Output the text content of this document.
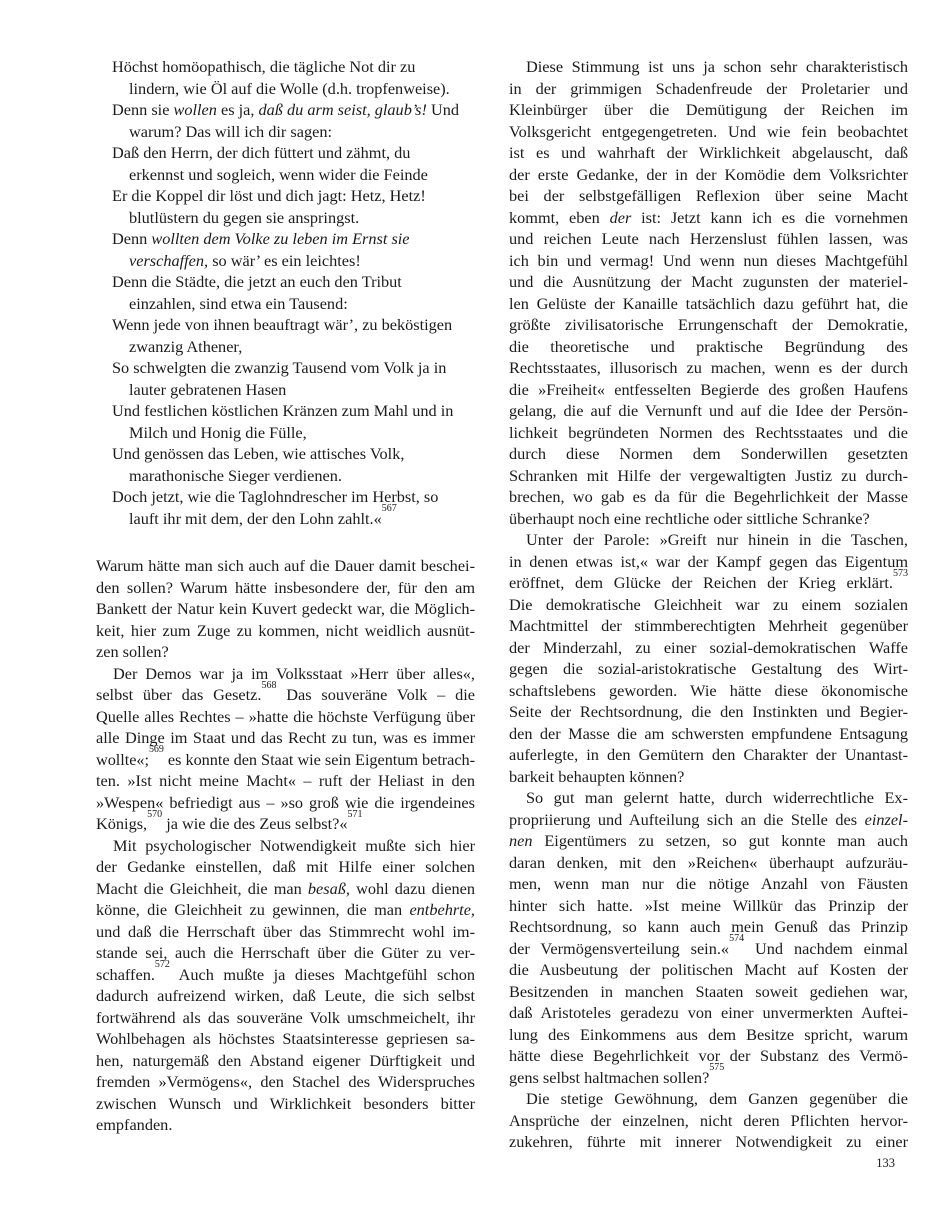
Höchst homöopathisch, die tägliche Not dir zu
lindern, wie Öl auf die Wolle (d.h. tropfenweise).
Denn sie wollen es ja, daß du arm seist, glaub’s! Und
warum? Das will ich dir sagen:
Daß den Herrn, der dich füttert und zähmt, du
erkennst und sogleich, wenn wider die Feinde
Er die Koppel dir löst und dich jagt: Hetz, Hetz!
blutlüstern du gegen sie anspringst.
Denn wollten dem Volke zu leben im Ernst sie
verschaffen, so wär’ es ein leichtes!
Denn die Städte, die jetzt an euch den Tribut
einzahlen, sind etwa ein Tausend:
Wenn jede von ihnen beauftragt wär’, zu beköstigen
zwanzig Athener,
So schwelgten die zwanzig Tausend vom Volk ja in
lauter gebratenen Hasen
Und festlichen köstlichen Kränzen zum Mahl und in
Milch und Honig die Fülle,
Und genössen das Leben, wie attisches Volk,
marathonische Sieger verdienen.
Doch jetzt, wie die Taglohndrescher im Herbst, so
lauft ihr mit dem, der den Lohn zahlt.«$^{567}$
Warum hätte man sich auch auf die Dauer damit beschei-
den sollen? Warum hätte insbesondere der, für den am
Bankett der Natur kein Kuvert gedeckt war, die Möglich-
keit, hier zum Zuge zu kommen, nicht weidlich ausnüt-
zen sollen?
Der Demos war ja im Volksstaat »Herr über alles«,
selbst über das Gesetz.$^{568}$ Das souveräne Volk – die
Quelle alles Rechtes – »hatte die höchste Verfügung über
alle Dinge im Staat und das Recht zu tun, was es immer
wollte«;$^{569}$ es konnte den Staat wie sein Eigentum betrach-
ten. »Ist nicht meine Macht« – ruft der Heliast in den
»Wespen« befriedigt aus – »so groß wie die irgendeines
Königs,$^{570}$ ja wie die des Zeus selbst?«$^{571}$
Mit psychologischer Notwendigkeit mußte sich hier
der Gedanke einstellen, daß mit Hilfe einer solchen
Macht die Gleichheit, die man besaß, wohl dazu dienen
könne, die Gleichheit zu gewinnen, die man entbehrte,
und daß die Herrschaft über das Stimmrecht wohl im-
stande sei, auch die Herrschaft über die Güter zu ver-
schaffen.$^{572}$ Auch mußte ja dieses Machtgefühl schon
dadurch aufreizend wirken, daß Leute, die sich selbst
fortwährend als das souveräne Volk umschmeichelt, ihr
Wohlbehagen als höchstes Staatsinteresse gepriesen sa-
hen, naturgemäß den Abstand eigener Dürftigkeit und
fremden »Vermögens«, den Stachel des Widerspruches
zwischen Wunsch und Wirklichkeit besonders bitter
empfanden.
Diese Stimmung ist uns ja schon sehr charakteristisch
in der grimmigen Schadenfreude der Proletarier und
Kleinbürger über die Demütigung der Reichen im
Volksgericht entgegengetreten. Und wie fein beobachtet
ist es und wahrhaft der Wirklichkeit abgelauscht, daß
der erste Gedanke, der in der Komödie dem Volksrichter
bei der selbstgefälligen Reflexion über seine Macht
kommt, eben der ist: Jetzt kann ich es die vornehmen
und reichen Leute nach Herzenslust fühlen lassen, was
ich bin und vermag! Und wenn nun dieses Machtgefühl
und die Ausnützung der Macht zugunsten der materiel-
len Gelüste der Kanaille tatsächlich dazu geführt hat, die
größte zivilisatorische Errungenschaft der Demokratie,
die theoretische und praktische Begründung des
Rechtsstaates, illusorisch zu machen, wenn es der durch
die »Freiheit« entfesselten Begierde des großen Haufens
gelang, die auf die Vernunft und auf die Idee der Persön-
lichkeit begründeten Normen des Rechtsstaates und die
durch diese Normen dem Sonderwillen gesetzten
Schranken mit Hilfe der vergewaltigten Justiz zu durch-
brechen, wo gab es da für die Begehrlichkeit der Masse
überhaupt noch eine rechtliche oder sittliche Schranke?
Unter der Parole: »Greift nur hinein in die Taschen,
in denen etwas ist,« war der Kampf gegen das Eigentum
eröffnet, dem Glücke der Reichen der Krieg erklärt.$^{573}$
Die demokratische Gleichheit war zu einem sozialen
Machtmittel der stimmberechtigten Mehrheit gegenüber
der Minderzahl, zu einer sozial-demokratischen Waffe
gegen die sozial-aristokratische Gestaltung des Wirt-
schaftslebens geworden. Wie hätte diese ökonomische
Seite der Rechtsordnung, die den Instinkten und Begier-
den der Masse die am schwersten empfundene Entsagung
auferlegte, in den Gemütern den Charakter der Unantast-
barkeit behaupten können?
So gut man gelernt hatte, durch widerrechtliche Ex-
propriierung und Aufteilung sich an die Stelle des einzel-
nen Eigentümers zu setzen, so gut konnte man auch
daran denken, mit den »Reichen« überhaupt aufzuräu-
men, wenn man nur die nötige Anzahl von Fäusten
hinter sich hatte. »Ist meine Willkür das Prinzip der
Rechtsordnung, so kann auch mein Genuß das Prinzip
der Vermögensverteilung sein.«$^{574}$ Und nachdem einmal
die Ausbeutung der politischen Macht auf Kosten der
Besitzenden in manchen Staaten soweit gediehen war,
daß Aristoteles geradezu von einer unvermerkten Auftei-
lung des Einkommens aus dem Besitze spricht, warum
hätte diese Begehrlichkeit vor der Substanz des Vermö-
gens selbst haltmachen sollen?$^{575}$
Die stetige Gewöhnung, dem Ganzen gegenüber die
Ansprüche der einzelnen, nicht deren Pflichten hervor-
zukehren, führte mit innerer Notwendigkeit zu einer
133
